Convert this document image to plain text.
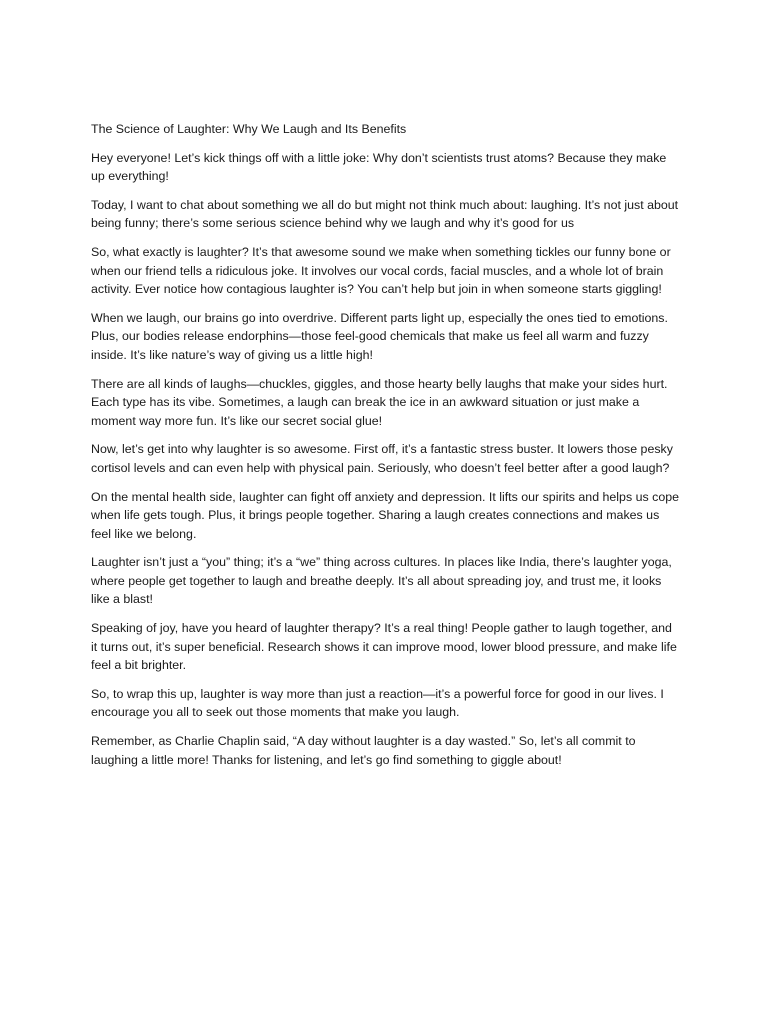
The Science of Laughter: Why We Laugh and Its Benefits

Hey everyone! Let’s kick things off with a little joke: Why don’t scientists trust atoms? Because they make up everything!

Today, I want to chat about something we all do but might not think much about: laughing. It’s not just about being funny; there’s some serious science behind why we laugh and why it’s good for us

So, what exactly is laughter? It’s that awesome sound we make when something tickles our funny bone or when our friend tells a ridiculous joke. It involves our vocal cords, facial muscles, and a whole lot of brain activity. Ever notice how contagious laughter is? You can’t help but join in when someone starts giggling!

When we laugh, our brains go into overdrive. Different parts light up, especially the ones tied to emotions. Plus, our bodies release endorphins—those feel-good chemicals that make us feel all warm and fuzzy inside. It’s like nature’s way of giving us a little high!

There are all kinds of laughs—chuckles, giggles, and those hearty belly laughs that make your sides hurt. Each type has its vibe. Sometimes, a laugh can break the ice in an awkward situation or just make a moment way more fun. It’s like our secret social glue!

Now, let’s get into why laughter is so awesome. First off, it’s a fantastic stress buster. It lowers those pesky cortisol levels and can even help with physical pain. Seriously, who doesn’t feel better after a good laugh?

On the mental health side, laughter can fight off anxiety and depression. It lifts our spirits and helps us cope when life gets tough. Plus, it brings people together. Sharing a laugh creates connections and makes us feel like we belong.

Laughter isn’t just a “you” thing; it’s a “we” thing across cultures. In places like India, there’s laughter yoga, where people get together to laugh and breathe deeply. It’s all about spreading joy, and trust me, it looks like a blast!

Speaking of joy, have you heard of laughter therapy? It’s a real thing! People gather to laugh together, and it turns out, it’s super beneficial. Research shows it can improve mood, lower blood pressure, and make life feel a bit brighter.

So, to wrap this up, laughter is way more than just a reaction—it’s a powerful force for good in our lives. I encourage you all to seek out those moments that make you laugh.

Remember, as Charlie Chaplin said, “A day without laughter is a day wasted.” So, let’s all commit to laughing a little more! Thanks for listening, and let’s go find something to giggle about!
